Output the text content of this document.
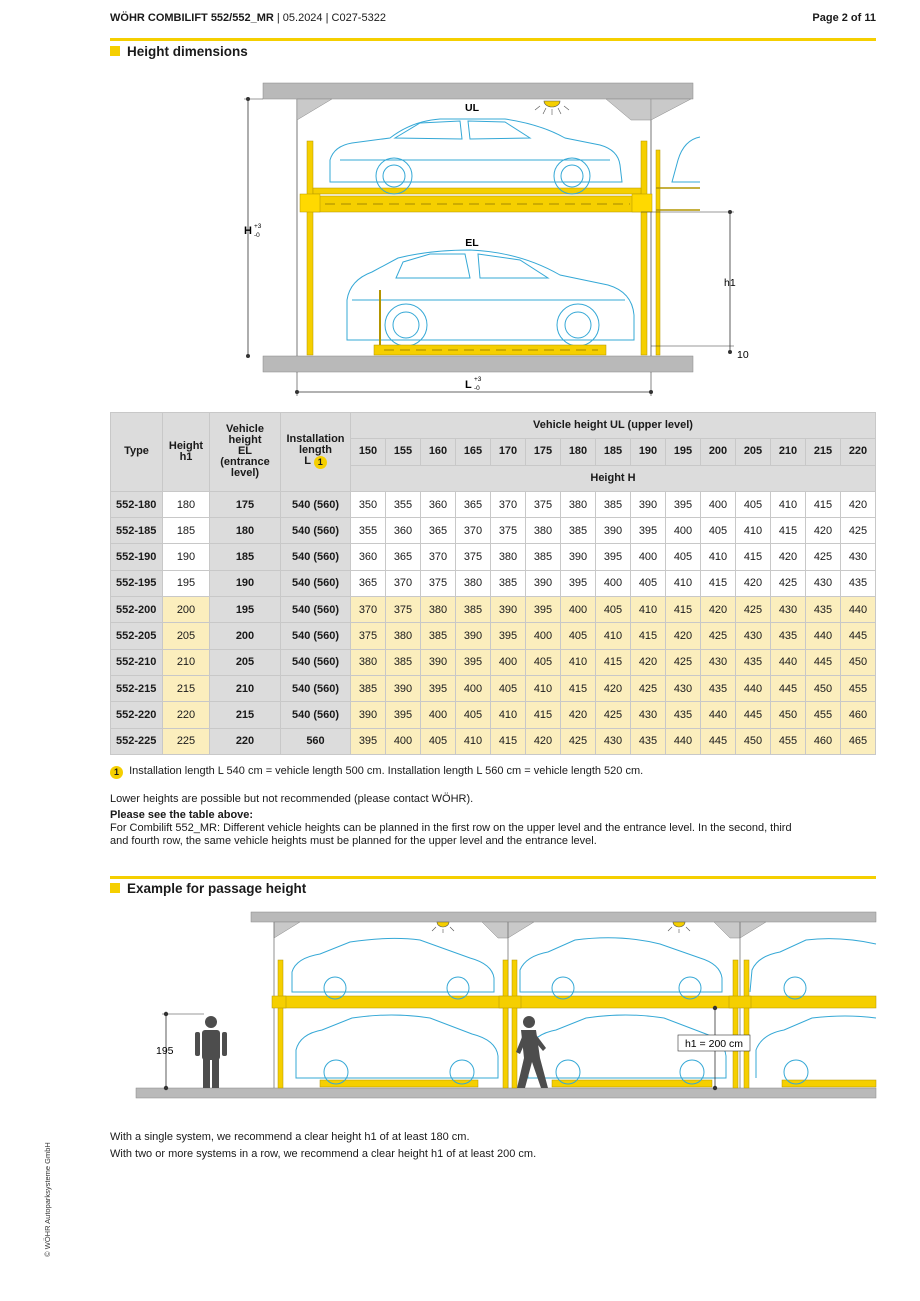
WÖHR COMBILIFT 552/552_MR | 05.2024 | C027-5322	Page 2 of 11
Height dimensions
UL
EL
H +3
-0
h1
10
L +3
-0
Type	Height
h1	Vehicle height
EL
(entrance level)	Installation length
L 1	Vehicle height UL (upper level)														
				150	155	160	165	170	175	180	185	190	195	200	205	210	215	220
				Height H														
552-180	180	175	540 (560)	350	355	360	365	370	375	380	385	390	395	400	405	410	415	420
552-185	185	180	540 (560)	355	360	365	370	375	380	385	390	395	400	405	410	415	420	425
552-190	190	185	540 (560)	360	365	370	375	380	385	390	395	400	405	410	415	420	425	430
552-195	195	190	540 (560)	365	370	375	380	385	390	395	400	405	410	415	420	425	430	435
552-200	200	195	540 (560)	370	375	380	385	390	395	400	405	410	415	420	425	430	435	440
552-205	205	200	540 (560)	375	380	385	390	395	400	405	410	415	420	425	430	435	440	445
552-210	210	205	540 (560)	380	385	390	395	400	405	410	415	420	425	430	435	440	445	450
552-215	215	210	540 (560)	385	390	395	400	405	410	415	420	425	430	435	440	445	450	455
552-220	220	215	540 (560)	390	395	400	405	410	415	420	425	430	435	440	445	450	455	460
552-225	225	220	560	395	400	405	410	415	420	425	430	435	440	445	450	455	460	465
1 Installation length L 540 cm = vehicle length 500 cm. Installation length L 560 cm = vehicle length 520 cm.
Lower heights are possible but not recommended (please contact WÖHR).
Please see the table above:
For Combilift 552_MR: Different vehicle heights can be planned in the first row on the upper level and the entrance level. In the second, third
and fourth row, the same vehicle heights must be planned for the upper level and the entrance level.
Example for passage height
195
h1 = 200 cm
With a single system, we recommend a clear height h1 of at least 180 cm.
With two or more systems in a row, we recommend a clear height h1 of at least 200 cm.
© WÖHR Autoparksysteme GmbH
